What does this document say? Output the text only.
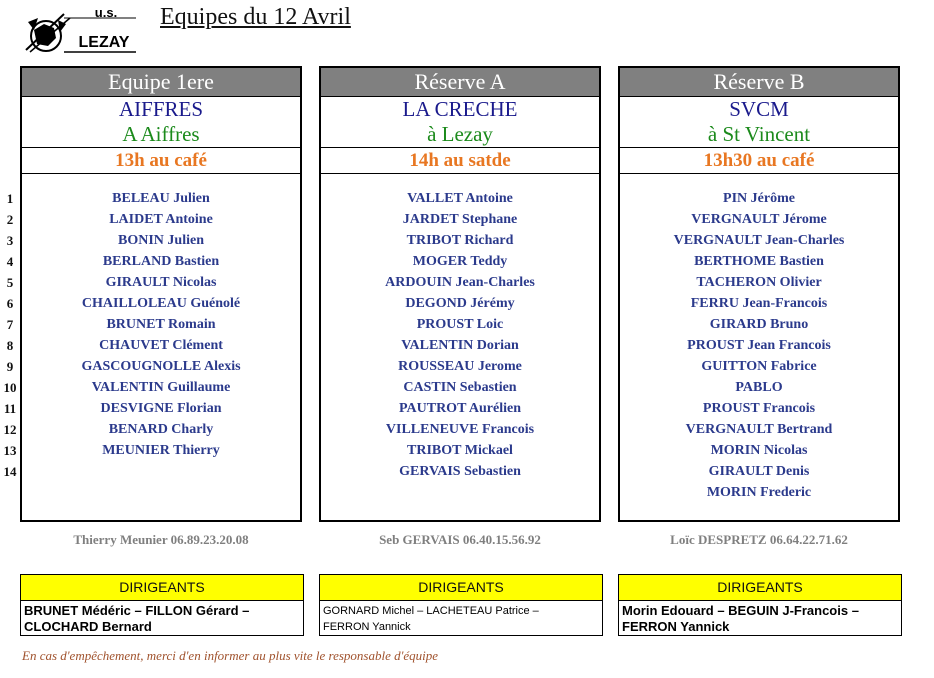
u.s.
LEZAY
Equipes du 12 Avril
1
2
3
4
5
6
7
8
9
10
11
12
13
14
Equipe 1ere
AIFFRES
A Aiffres
13h au café
BELEAU Julien
LAIDET Antoine
BONIN Julien
BERLAND Bastien
GIRAULT Nicolas
CHAILLOLEAU Guénolé
BRUNET Romain
CHAUVET Clément
GASCOUGNOLLE Alexis
VALENTIN Guillaume
DESVIGNE Florian
BENARD Charly
MEUNIER Thierry
Réserve A
LA CRECHE
à Lezay
14h au satde
VALLET Antoine
JARDET Stephane
TRIBOT Richard
MOGER Teddy
ARDOUIN Jean-Charles
DEGOND Jérémy
PROUST Loic
VALENTIN Dorian
ROUSSEAU Jerome
CASTIN Sebastien
PAUTROT Aurélien
VILLENEUVE Francois
TRIBOT Mickael
GERVAIS Sebastien
Réserve B
SVCM
à St Vincent
13h30 au café
PIN Jérôme
VERGNAULT Jérome
VERGNAULT Jean-Charles
BERTHOME Bastien
TACHERON Olivier
FERRU Jean-Francois
GIRARD Bruno
PROUST Jean Francois
GUITTON Fabrice
PABLO
PROUST Francois
VERGNAULT Bertrand
MORIN Nicolas
GIRAULT Denis
MORIN Frederic
Thierry Meunier 06.89.23.20.08	Seb GERVAIS 06.40.15.56.92	Loïc DESPRETZ 06.64.22.71.62
DIRIGEANTS
BRUNET Médéric – FILLON Gérard –
CLOCHARD Bernard
DIRIGEANTS
GORNARD Michel – LACHETEAU Patrice –
FERRON Yannick
DIRIGEANTS
Morin Edouard – BEGUIN J-Francois –
FERRON Yannick
En cas d'empêchement, merci d'en informer au plus vite le responsable d'équipe
